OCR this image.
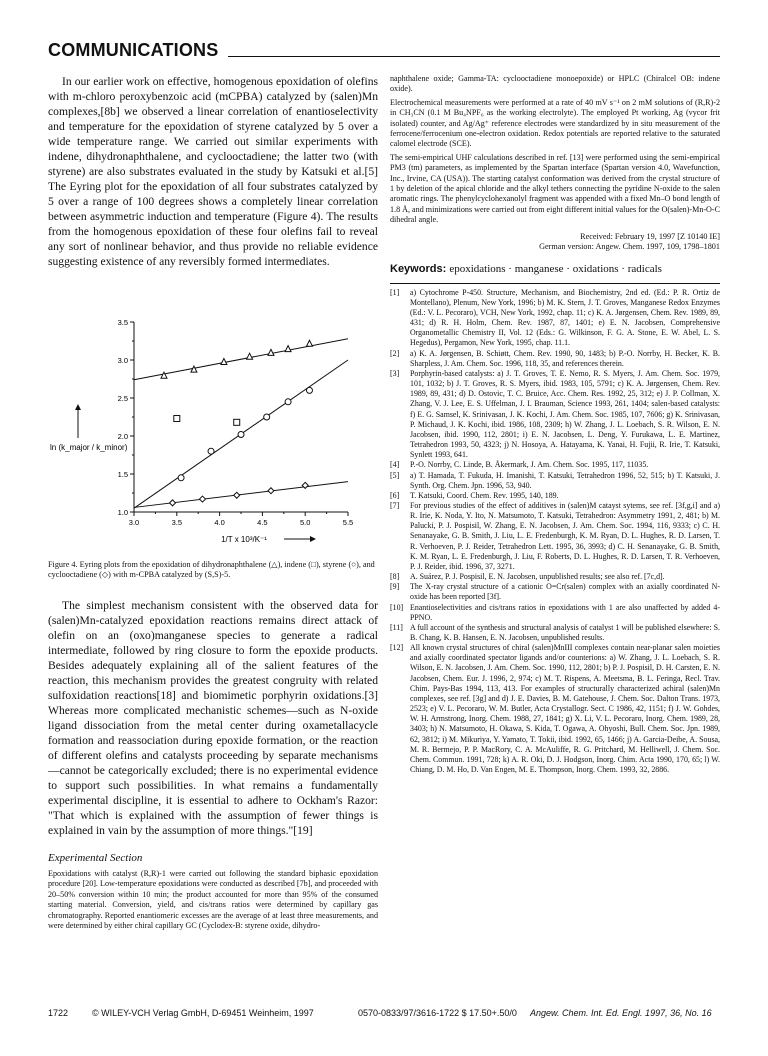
COMMUNICATIONS

In our earlier work on effective, homogenous epoxidation of olefins with m-chloro peroxybenzoic acid (mCPBA) catalyzed by (salen)Mn complexes,[8b] we observed a linear correlation of enantioselectivity and temperature for the epoxidation of styrene catalyzed by 5 over a wide temperature range. We carried out similar experiments with indene, dihydronaphthalene, and cyclooctadiene; the latter two (with styrene) are also substrates evaluated in the study by Katsuki et al.[5] The Eyring plot for the epoxidation of all four substrates catalyzed by 5 over a range of 100 degrees shows a completely linear correlation between asymmetric induction and temperature (Figure 4). The results from the homogenous epoxidation of these four olefins fail to reveal any sort of nonlinear behavior, and thus provide no reliable evidence suggesting existence of any reversibly formed intermediates.

1.0
1.5
2.0
2.5
3.0
3.5
3.0	3.5	4.0	4.5	5.0	5.5
1/T x 10³/K⁻¹
ln (k_major / k_minor)

Figure 4. Eyring plots from the epoxidation of dihydronaphthalene (△), indene (□), styrene (○), and cyclooctadiene (◇) with m-CPBA catalyzed by (S,S)-5.

The simplest mechanism consistent with the observed data for (salen)Mn-catalyzed epoxidation reactions remains direct attack of olefin on an (oxo)manganese species to generate a radical intermediate, followed by ring closure to form the epoxide products. Besides adequately explaining all of the salient features of the reaction, this mechanism provides the greatest congruity with related sulfoxidation reactions[18] and biomimetic porphyrin oxidations.[3] Whereas more complicated mechanistic schemes—such as N-oxide ligand dissociation from the metal center during oxametallacycle formation and reassociation during epoxide formation, or the reaction of different olefins and catalysts proceeding by separate mechanisms—cannot be categorically excluded; there is no experimental evidence to support such possibilities. In what remains a fundamentally experimental discipline, it is essential to adhere to Ockham's Razor: "That which is explained with the assumption of fewer things is explained in vain by the assumption of more things."[19]

Experimental Section

Epoxidations with catalyst (R,R)-1 were carried out following the standard biphasic epoxidation procedure [20]. Low-temperature epoxidations were conducted as described [7b], and proceeded with 20–50% conversion within 10 min; the product accounted for more than 95% of the consumed starting material. Conversion, yield, and cis/trans ratios were determined by capillary gas chromatography. Reported enantiomeric excesses are the average of at least three measurements, and were determined by either chiral capillary GC (Cyclodex-B: styrene oxide, dihydro-

naphthalene oxide; Gamma-TA: cyclooctadiene monoepoxide) or HPLC (Chiralcel OB: indene oxide).

Electrochemical measurements were performed at a rate of 40 mV s⁻¹ on 2 mM solutions of (R,R)-2 in CH₃CN (0.1 M Bu₄NPF₆ as the working electrolyte). The employed Pt working, Ag (vycor frit isolated) counter, and Ag/Ag⁺ reference electrodes were standardized by in situ measurement of the ferrocene/ferrocenium one-electron oxidation. Redox potentials are reported relative to the saturated calomel electrode (SCE).

The semi-empirical UHF calculations described in ref. [13] were performed using the semi-empirical PM3 (tm) parameters, as implemented by the Spartan interface (Spartan version 4.0, Wavefunction, Inc., Irvine, CA (USA)). The starting catalyst conformation was derived from the crystal structure of 1 by deletion of the apical chloride and the alkyl tethers connecting the pyridine N-oxide to the salen aromatic rings. The phenylcyclohexanolyl fragment was appended with a fixed Mn–O bond length of 1.8 Å, and minimizations were carried out from eight different initial values for the O(salen)-Mn-O-C dihedral angle.

Received: February 19, 1997 [Z 10140 IE]
German version: Angew. Chem. 1997, 109, 1798–1801
Keywords: epoxidations · manganese · oxidations · radicals
[1] a) Cytochrome P-450. Structure, Mechanism, and Biochemistry, 2nd ed. (Ed.: P. R. Ortiz de Montellano), Plenum, New York, 1996; b) M. K. Stern, J. T. Groves, Manganese Redox Enzymes (Ed.: V. L. Pecoraro), VCH, New York, 1992, chap. 11; c) K. A. Jørgensen, Chem. Rev. 1989, 89, 431; d) R. H. Holm, Chem. Rev. 1987, 87, 1401; e) E. N. Jacobsen, Comprehensive Organometallic Chemistry II, Vol. 12 (Eds.: G. Wilkinson, F. G. A. Stone, E. W. Abel, L. S. Hegedus), Pergamon, New York, 1995, chap. 11.1.
[2] a) K. A. Jørgensen, B. Schiøtt, Chem. Rev. 1990, 90, 1483; b) P.-O. Norrby, H. Becker, K. B. Sharpless, J. Am. Chem. Soc. 1996, 118, 35, and references therein.
[3] Porphyrin-based catalysts: a) J. T. Groves, T. E. Nemo, R. S. Myers, J. Am. Chem. Soc. 1979, 101, 1032; b) J. T. Groves, R. S. Myers, ibid. 1983, 105, 5791; c) K. A. Jørgensen, Chem. Rev. 1989, 89, 431; d) D. Ostovic, T. C. Bruice, Acc. Chem. Res. 1992, 25, 312; e) J. P. Collman, X. Zhang, V. J. Lee, E. S. Uffelman, J. I. Brauman, Science 1993, 261, 1404; salen-based catalysts: f) E. G. Samsel, K. Srinivasan, J. K. Kochi, J. Am. Chem. Soc. 1985, 107, 7606; g) K. Srinivasan, P. Michaud, J. K. Kochi, ibid. 1986, 108, 2309; h) W. Zhang, J. L. Loebach, S. R. Wilson, E. N. Jacobsen, ibid. 1990, 112, 2801; i) E. N. Jacobsen, L. Deng, Y. Furukawa, L. E. Martinez, Tetrahedron 1993, 50, 4323; j) N. Hosoya, A. Hatayama, K. Yanai, H. Fujii, R. Irie, T. Katsuki, Synlett 1993, 641.
[4] P.-O. Norrby, C. Linde, B. Åkermark, J. Am. Chem. Soc. 1995, 117, 11035.
[5] a) T. Hamada, T. Fukuda, H. Imanishi, T. Katsuki, Tetrahedron 1996, 52, 515; b) T. Katsuki, J. Synth. Org. Chem. Jpn. 1996, 53, 940.
[6] T. Katsuki, Coord. Chem. Rev. 1995, 140, 189.
[7] For previous studies of the effect of additives in (salen)M catayst sytems, see ref. [3f,g,i] and a) R. Irie, K. Noda, Y. Ito, N. Matsumoto, T. Katsuki, Tetrahedron: Asymmetry 1991, 2, 481; b) M. Palucki, P. J. Pospisil, W. Zhang, E. N. Jacobsen, J. Am. Chem. Soc. 1994, 116, 9333; c) C. H. Senanayake, G. B. Smith, J. Liu, L. E. Fredenburgh, K. M. Ryan, D. L. Hughes, R. D. Larsen, T. R. Verhoeven, P. J. Reider, Tetrahedron Lett. 1995, 36, 3993; d) C. H. Senanayake, G. B. Smith, K. M. Ryan, L. E. Fredenburgh, J. Liu, F. Roberts, D. L. Hughes, R. D. Larsen, T. R. Verhoeven, P. J. Reider, ibid. 1996, 37, 3271.
[8] A. Suárez, P. J. Pospisil, E. N. Jacobsen, unpublished results; see also ref. [7c,d].
[9] The X-ray crystal structure of a cationic O=Cr(salen) complex with an axially coordinated N-oxide has been reported [3f].
[10] Enantioselectivities and cis/trans ratios in epoxidations with 1 are also unaffected by added 4-PPNO.
[11] A full account of the synthesis and structural analysis of catalyst 1 will be published elsewhere: S. B. Chang, K. B. Hansen, E. N. Jacobsen, unpublished results.
[12] All known crystal structures of chiral (salen)MnIII complexes contain near-planar salen moieties and axially coordinated spectator ligands and/or counterions: a) W. Zhang, J. L. Loebach, S. R. Wilson, E. N. Jacobsen, J. Am. Chem. Soc. 1990, 112, 2801; b) P. J. Pospisil, D. H. Carsten, E. N. Jacobsen, Chem. Eur. J. 1996, 2, 974; c) M. T. Rispens, A. Meetsma, B. L. Feringa, Recl. Trav. Chim. Pays-Bas 1994, 113, 413. For examples of structurally characterized achiral (salen)Mn complexes, see ref. [3g] and d) J. E. Davies, B. M. Gatehouse, J. Chem. Soc. Dalton Trans. 1973, 2523; e) V. L. Pecoraro, W. M. Butler, Acta Crystallogr. Sect. C 1986, 42, 1151; f) J. W. Gohdes, W. H. Armstrong, Inorg. Chem. 1988, 27, 1841; g) X. Li, V. L. Pecoraro, Inorg. Chem. 1989, 28, 3403; h) N. Matsumoto, H. Okawa, S. Kida, T. Ogawa, A. Ohyoshi, Bull. Chem. Soc. Jpn. 1989, 62, 3812; i) M. Mikuriya, Y. Yamato, T. Tokii, ibid. 1992, 65, 1466; j) A. Garcia-Deibe, A. Sousa, M. R. Bermejo, P. P. MacRory, C. A. McAuliffe, R. G. Pritchard, M. Helliwell, J. Chem. Soc. Chem. Commun. 1991, 728; k) A. R. Oki, D. J. Hodgson, Inorg. Chim. Acta 1990, 170, 65; l) W. Chiang, D. M. Ho, D. Van Engen, M. E. Thompson, Inorg. Chem. 1993, 32, 2886.
1722	© WILEY-VCH Verlag GmbH, D-69451 Weinheim, 1997	0570-0833/97/3616-1722 $ 17.50+.50/0 Angew. Chem. Int. Ed. Engl. 1997, 36, No. 16
